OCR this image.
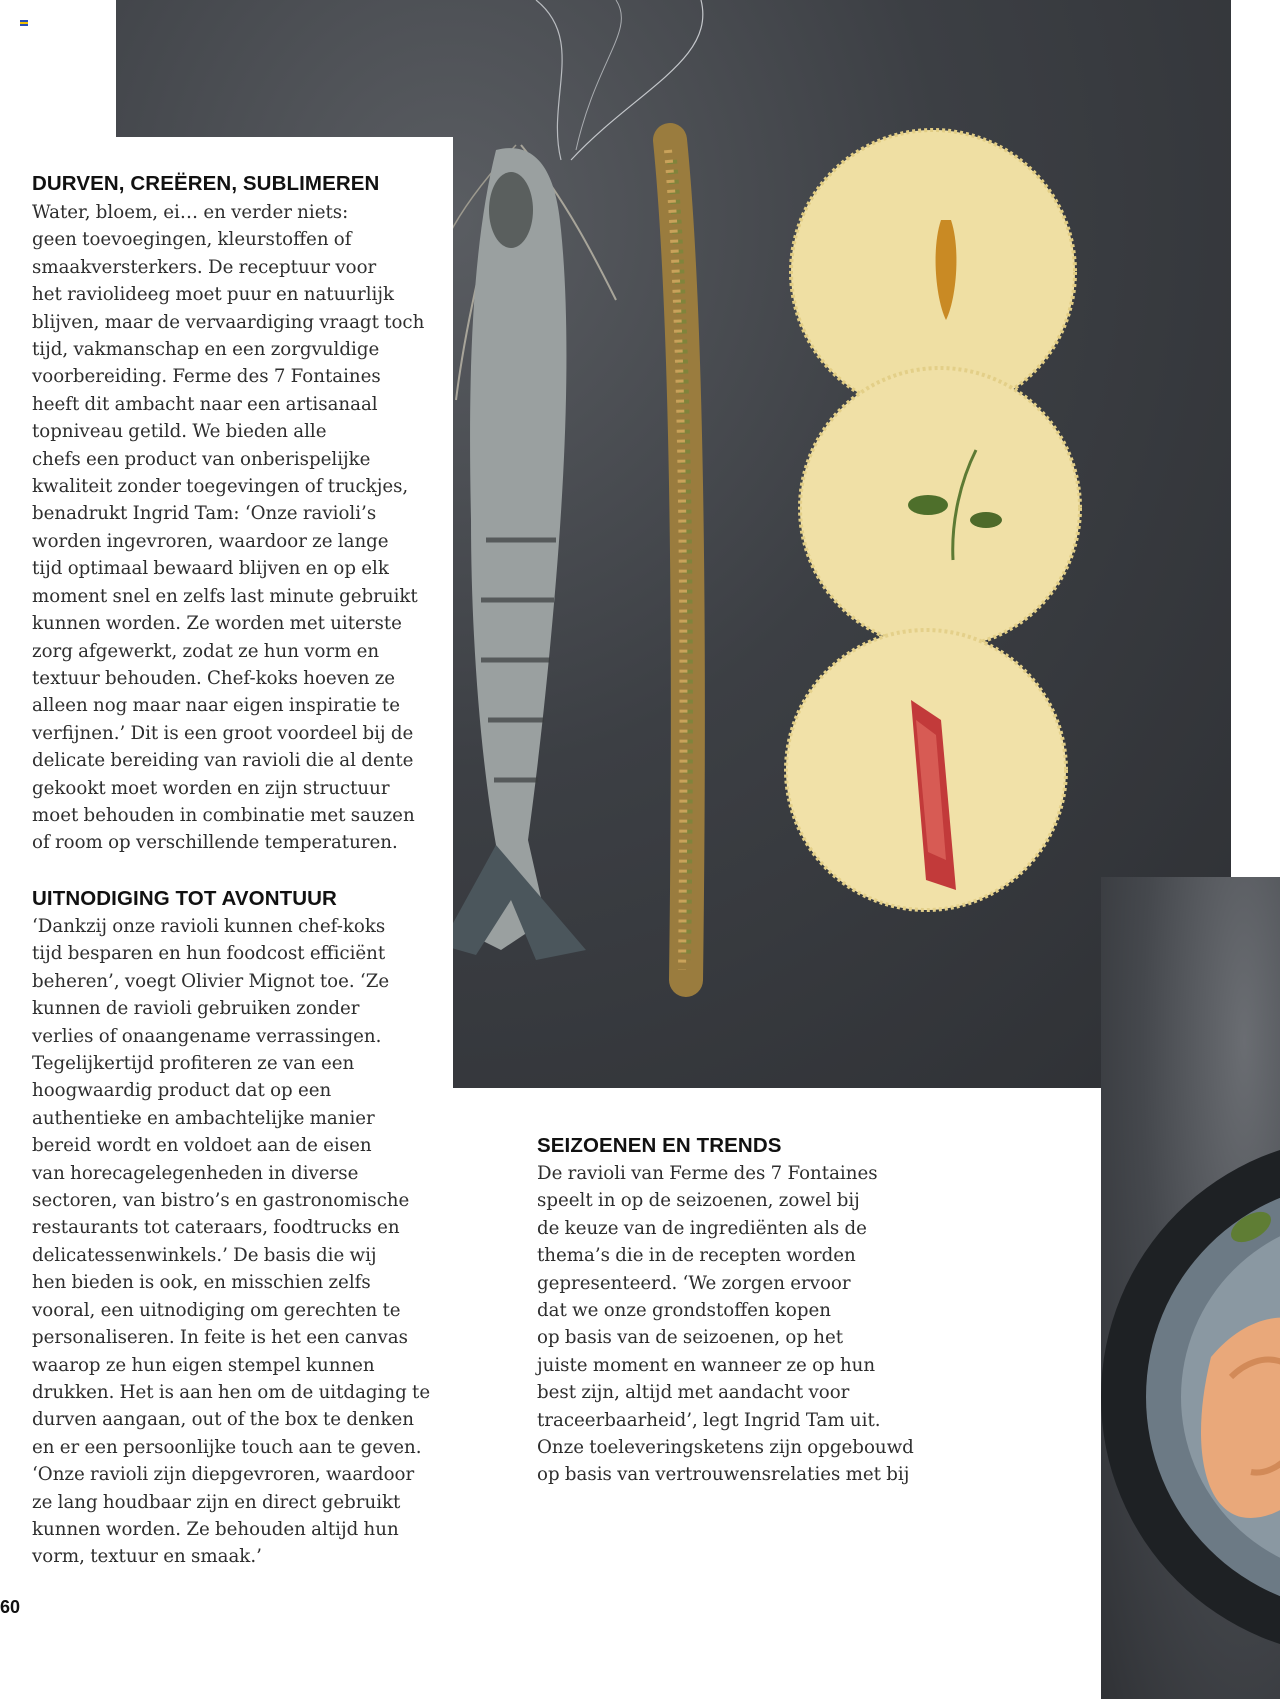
DURVEN, CREËREN, SUBLIMEREN

Water, bloem, ei… en verder niets:
geen toevoegingen, kleurstoffen of
smaakversterkers. De receptuur voor
het raviolideeg moet puur en natuurlijk
blijven, maar de vervaardiging vraagt toch
tijd, vakmanschap en een zorgvuldige
voorbereiding. Ferme des 7 Fontaines
heeft dit ambacht naar een artisanaal
topniveau getild. We bieden alle
chefs een product van onberispelijke
kwaliteit zonder toegevingen of truckjes,
benadrukt Ingrid Tam: ‘Onze ravioli’s
worden ingevroren, waardoor ze lange
tijd optimaal bewaard blijven en op elk
moment snel en zelfs last minute gebruikt
kunnen worden. Ze worden met uiterste
zorg afgewerkt, zodat ze hun vorm en
textuur behouden. Chef-koks hoeven ze
alleen nog maar naar eigen inspiratie te
verfijnen.’ Dit is een groot voordeel bij de
delicate bereiding van ravioli die al dente
gekookt moet worden en zijn structuur
moet behouden in combinatie met sauzen
of room op verschillende temperaturen.

UITNODIGING TOT AVONTUUR

‘Dankzij onze ravioli kunnen chef-koks
tijd besparen en hun foodcost efficiënt
beheren’, voegt Olivier Mignot toe. ‘Ze
kunnen de ravioli gebruiken zonder
verlies of onaangename verrassingen.
Tegelijkertijd profiteren ze van een
hoogwaardig product dat op een
authentieke en ambachtelijke manier
bereid wordt en voldoet aan de eisen
van horecagelegenheden in diverse
sectoren, van bistro’s en gastronomische
restaurants tot cateraars, foodtrucks en
delicatessenwinkels.’ De basis die wij
hen bieden is ook, en misschien zelfs
vooral, een uitnodiging om gerechten te
personaliseren. In feite is het een canvas
waarop ze hun eigen stempel kunnen
drukken. Het is aan hen om de uitdaging te
durven aangaan, out of the box te denken
en er een persoonlijke touch aan te geven.
‘Onze ravioli zijn diepgevroren, waardoor
ze lang houdbaar zijn en direct gebruikt
kunnen worden. Ze behouden altijd hun
vorm, textuur en smaak.’

SEIZOENEN EN TRENDS

De ravioli van Ferme des 7 Fontaines
speelt in op de seizoenen, zowel bij
de keuze van de ingrediënten als de
thema’s die in de recepten worden
gepresenteerd. ‘We zorgen ervoor
dat we onze grondstoffen kopen
op basis van de seizoenen, op het
juiste moment en wanneer ze op hun
best zijn, altijd met aandacht voor
traceerbaarheid’, legt Ingrid Tam uit.
Onze toeleveringsketens zijn opgebouwd
op basis van vertrouwensrelaties met bij

60
